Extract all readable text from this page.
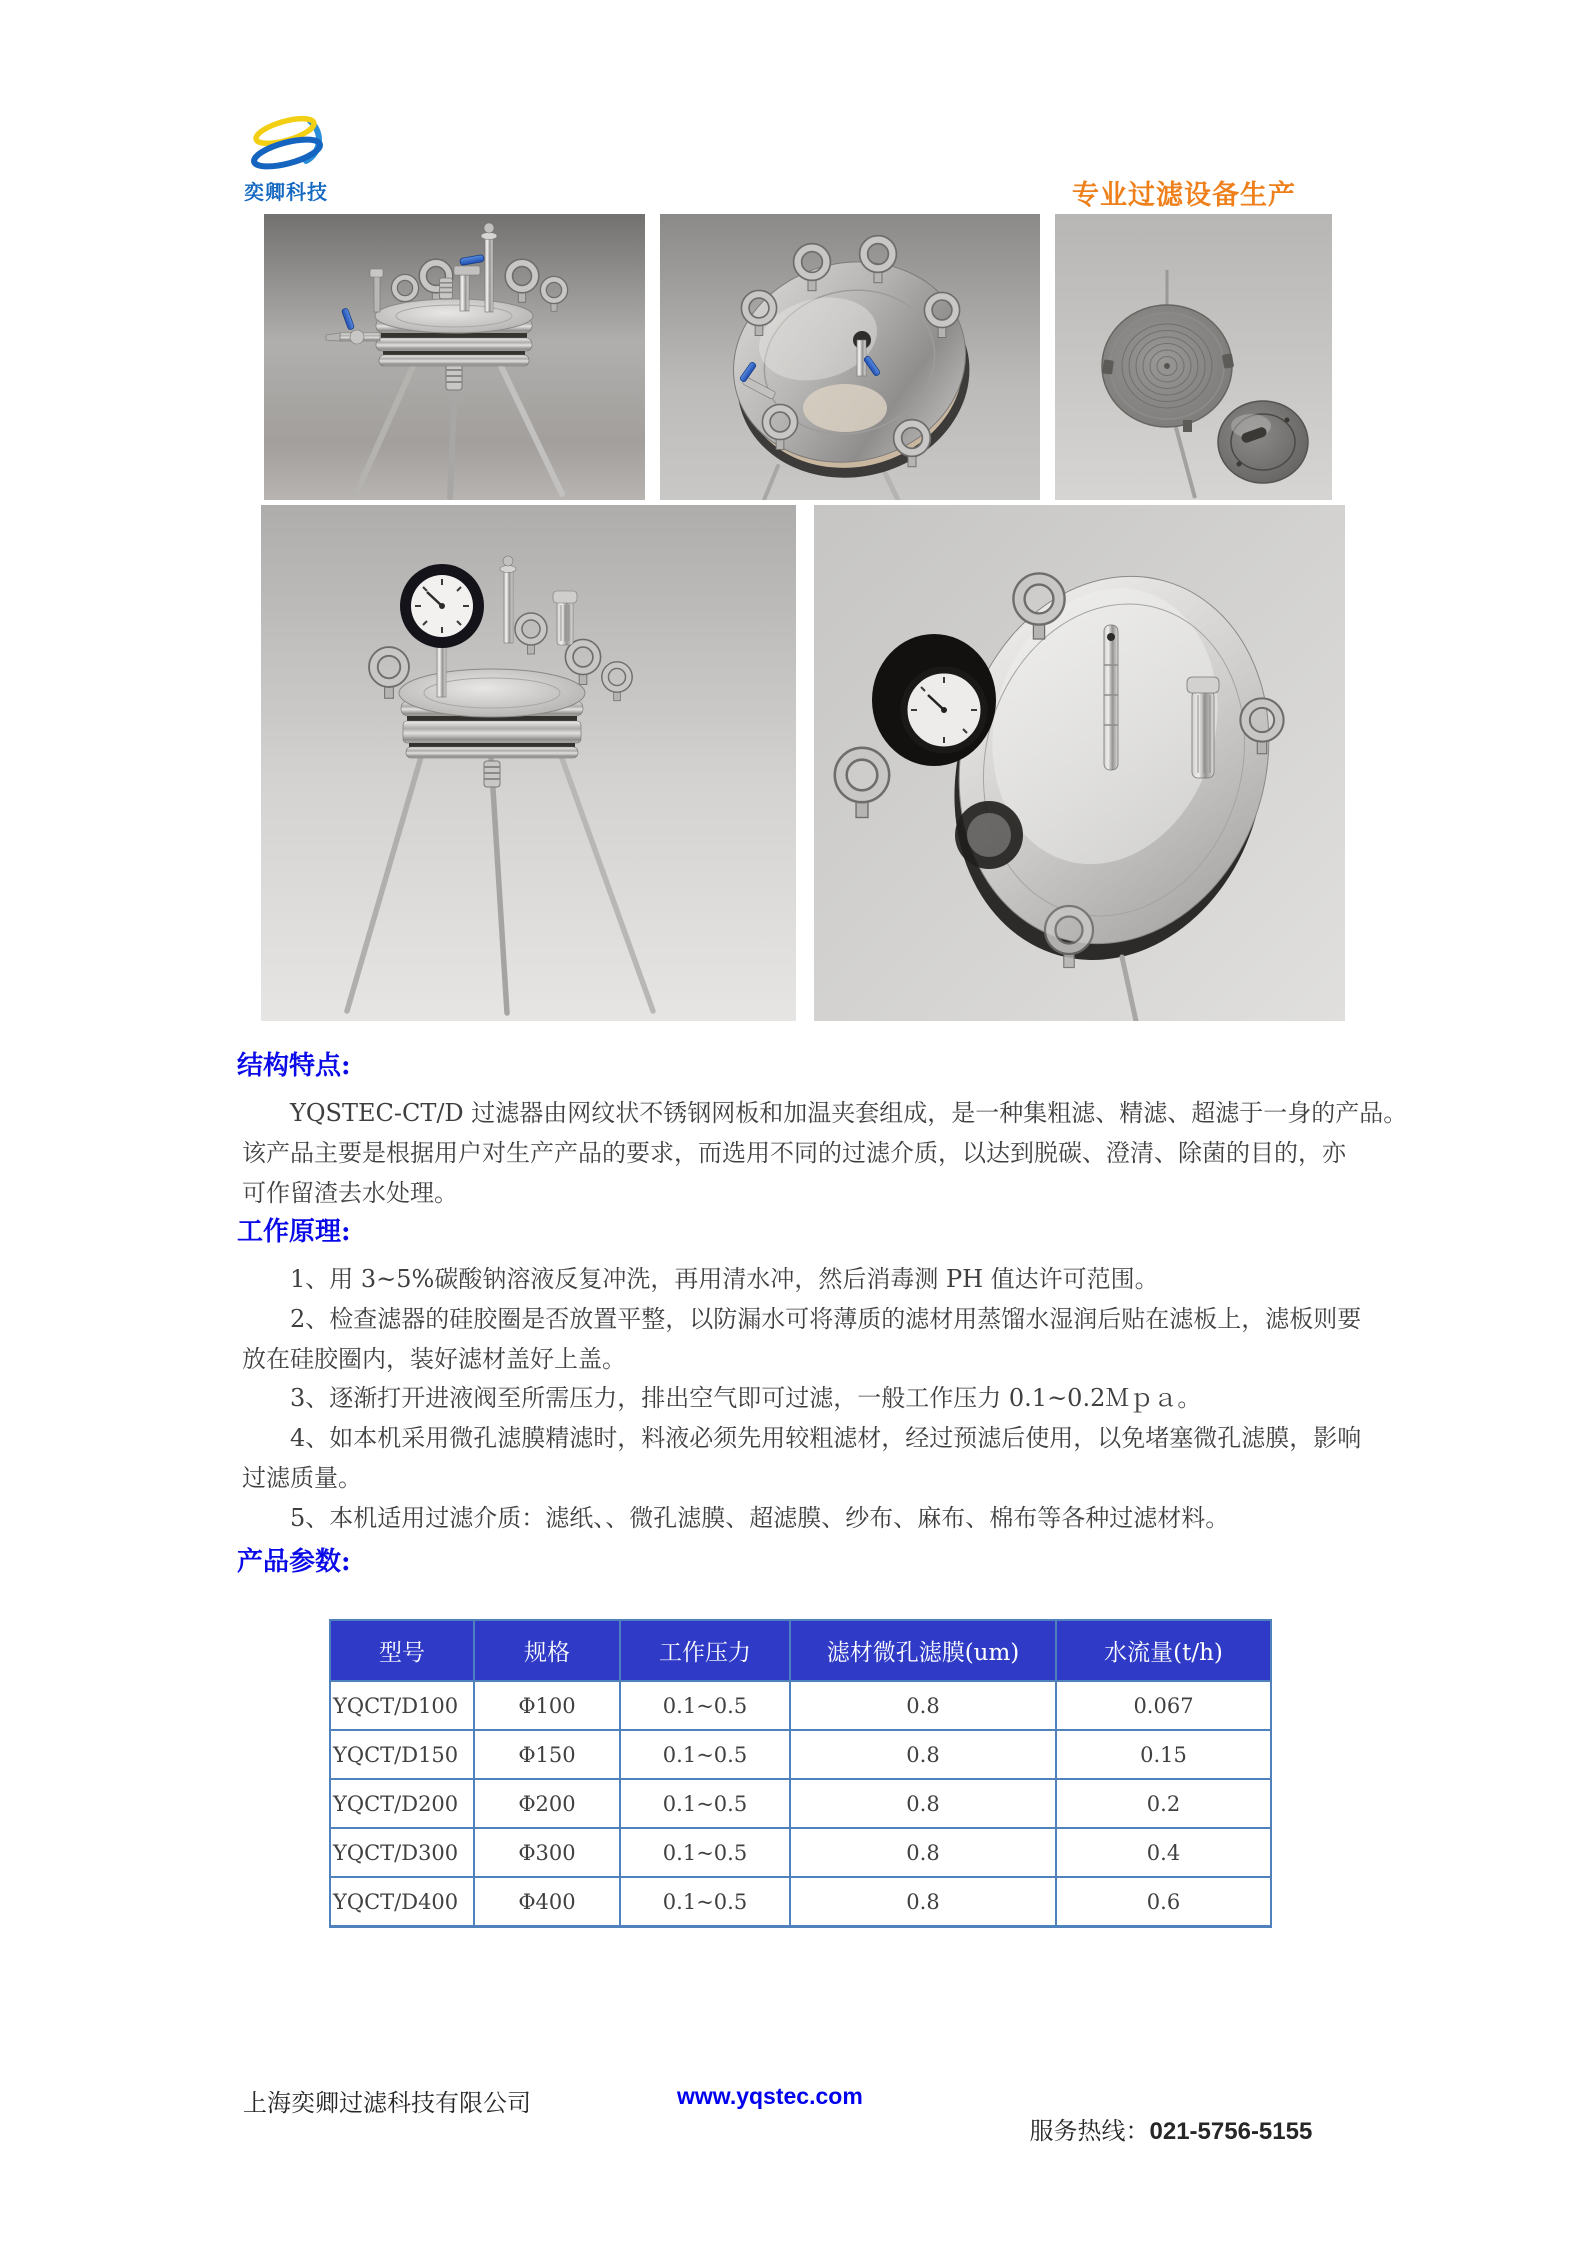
奕卿科技	专业过滤设备生产
结构特点:
YQSTEC-CT/D 过滤器由网纹状不锈钢网板和加温夹套组成，是一种集粗滤、精滤、超滤于一身的产品。
该产品主要是根据用户对生产产品的要求，而选用不同的过滤介质，以达到脱碳、澄清、除菌的目的，亦
可作留渣去水处理。
工作原理:
1、用 3~5%碳酸钠溶液反复冲洗，再用清水冲，然后消毒测 PH 值达许可范围。
2、检查滤器的硅胶圈是否放置平整，以防漏水可将薄质的滤材用蒸馏水湿润后贴在滤板上，滤板则要
放在硅胶圈内，装好滤材盖好上盖。
3、逐渐打开进液阀至所需压力，排出空气即可过滤，一般工作压力 0.1~0.2Ｍｐａ。
4、如本机采用微孔滤膜精滤时，料液必须先用较粗滤材，经过预滤后使用，以免堵塞微孔滤膜，影响
过滤质量。
5、本机适用过滤介质：滤纸、、微孔滤膜、超滤膜、纱布、麻布、棉布等各种过滤材料。
产品参数:
型号	规格	工作压力	滤材微孔滤膜(um)	水流量(t/h)
YQCT/D100	Φ100	0.1~0.5	0.8	0.067
YQCT/D150	Φ150	0.1~0.5	0.8	0.15
YQCT/D200	Φ200	0.1~0.5	0.8	0.2
YQCT/D300	Φ300	0.1~0.5	0.8	0.4
YQCT/D400	Φ400	0.1~0.5	0.8	0.6
上海奕卿过滤科技有限公司	www.yqstec.com

服务热线：021-5756-5155
